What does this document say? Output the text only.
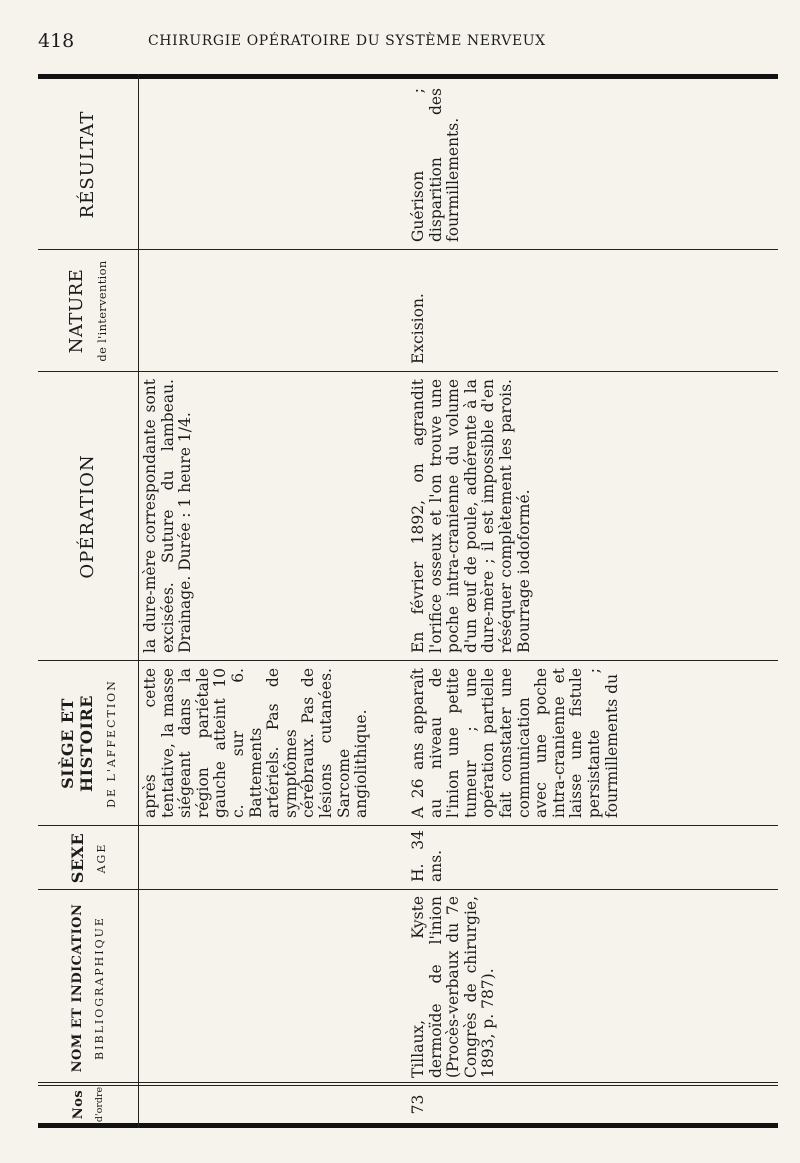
418	CHIRURGIE OPÉRATOIRE DU SYSTÈME NERVEUX
Nos d'ordre
NOM ET INDICATION BIBLIOGRAPHIQUE
SEXE AGE
SIÈGE ET HISTOIRE DE L'AFFECTION
OPÉRATION
NATURE de l'intervention
RÉSULTAT

après cette tentative, la masse siégeant dans la région pariétale gauche atteint 10 c. sur 6. Battements artériels. Pas de symptômes cérébraux. Pas de lésions cutanées. Sarcome angiolithique.

la dure-mère correspondante sont excisées. Suture du lambeau. Drainage. Durée : 1 heure 1/4.

73

Tillaux, Kyste dermoïde de l'inion (Procès-verbaux du 7e Congrès de chirurgie, 1893, p. 787).

H. 34 ans.

A 26 ans apparaît au niveau de l'inion une petite tumeur ; une opération partielle fait constater une communication avec une poche intra-cranienne et laisse une fistule persistante ; fourmillements du

En février 1892, on agrandit l'orifice osseux et l'on trouve une poche intra-cranienne du volume d'un œuf de poule, adhérente à la dure-mère ; il est impossible d'en réséquer complètement les parois. Bourrage iodoformé.

Excision.

Guérison ; disparition des fourmillements.
